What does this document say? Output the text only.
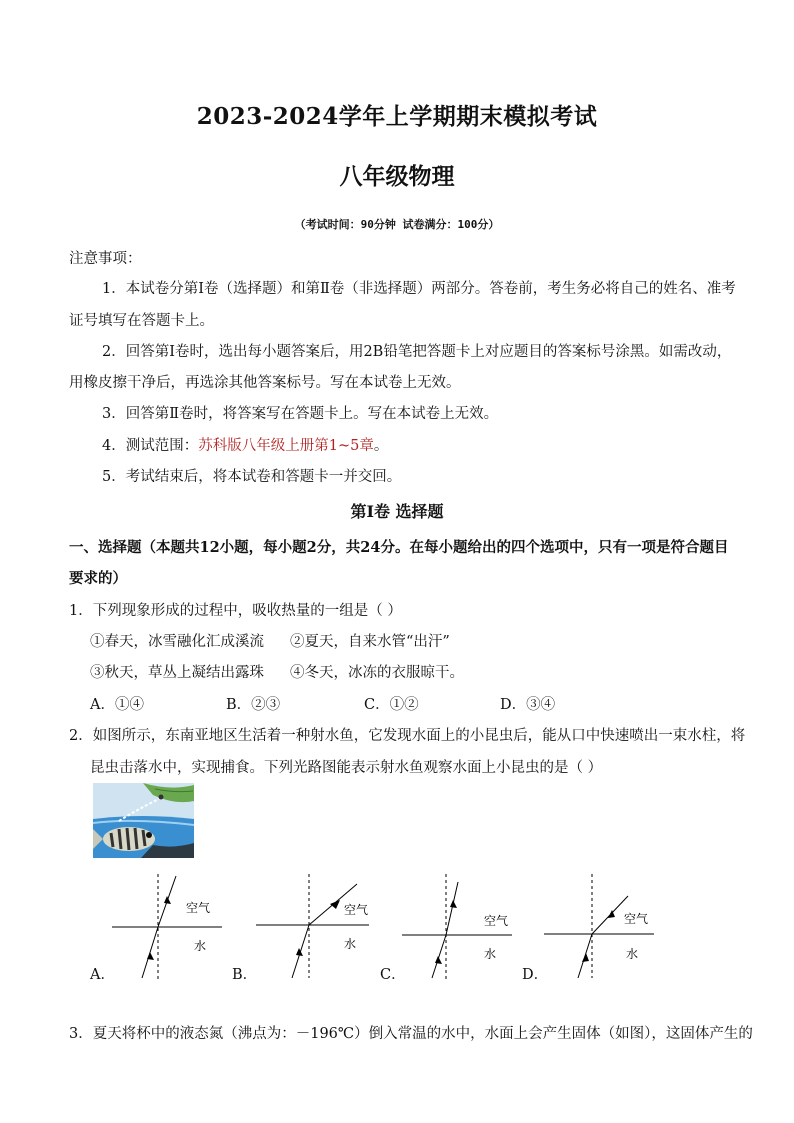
2023-2024学年上学期期末模拟考试
八年级物理
（考试时间：90分钟 试卷满分：100分）
注意事项：
1．本试卷分第Ⅰ卷（选择题）和第Ⅱ卷（非选择题）两部分。答卷前，考生务必将自己的姓名、准考
证号填写在答题卡上。
2．回答第Ⅰ卷时，选出每小题答案后，用2B铅笔把答题卡上对应题目的答案标号涂黑。如需改动，
用橡皮擦干净后，再选涂其他答案标号。写在本试卷上无效。
3．回答第Ⅱ卷时，将答案写在答题卡上。写在本试卷上无效。
4．测试范围：苏科版八年级上册第1~5章。
5．考试结束后，将本试卷和答题卡一并交回。
第Ⅰ卷 选择题
一、选择题（本题共12小题，每小题2分，共24分。在每小题给出的四个选项中，只有一项是符合题目
要求的）
1．下列现象形成的过程中，吸收热量的一组是（ ）
①春天，冰雪融化汇成溪流 ②夏天，自来水管“出汗”
③秋天，草丛上凝结出露珠 ④冬天，冰冻的衣服晾干。
A．①④	B．②③	C．①②	D．③④
2．如图所示，东南亚地区生活着一种射水鱼，它发现水面上的小昆虫后，能从口中快速喷出一束水柱，将
昆虫击落水中，实现捕食。下列光路图能表示射水鱼观察水面上小昆虫的是（ ）
空气
水
空气
水
空气
水
空气
水
A．	B．	C．	D．
3．夏天将杯中的液态氮（沸点为：－196℃）倒入常温的水中，水面上会产生固体（如图），这固体产生的
